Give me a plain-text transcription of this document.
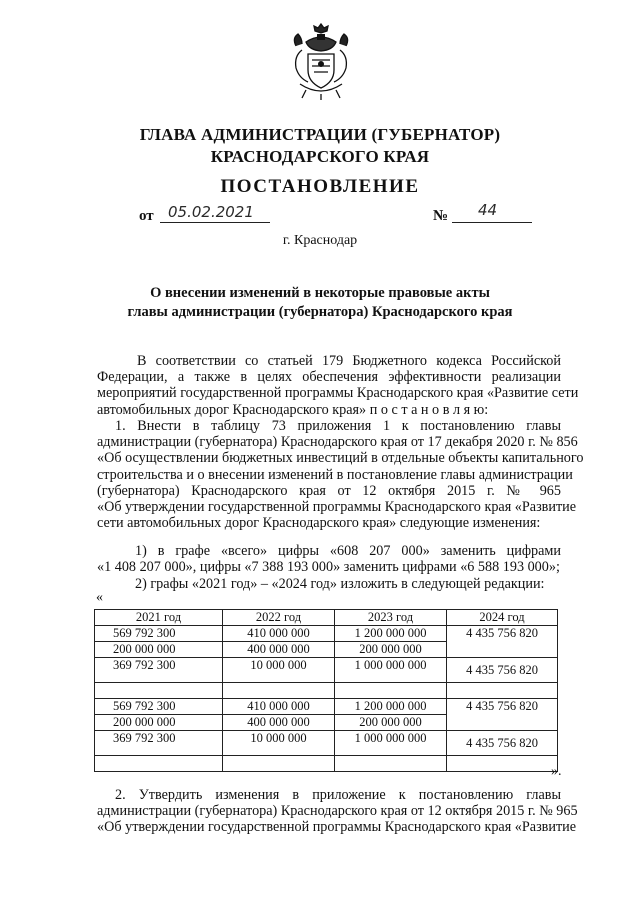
ГЛАВА АДМИНИСТРАЦИИ (ГУБЕРНАТОР)
КРАСНОДАРСКОГО КРАЯ
ПОСТАНОВЛЕНИЕ
от 05.02.2021	№ 44
г. Краснодар
О внесении изменений в некоторые правовые акты
главы администрации (губернатора) Краснодарского края
В соответствии со статьей 179 Бюджетного кодекса Российской
Федерации, а также в целях обеспечения эффективности реализации
мероприятий государственной программы Краснодарского края «Развитие сети
автомобильных дорог Краснодарского края» п о с т а н о в л я ю:
1. Внести в таблицу 73 приложения 1 к постановлению главы
администрации (губернатора) Краснодарского края от 17 декабря 2020 г. № 856
«Об осуществлении бюджетных инвестиций в отдельные объекты капитального
строительства и о внесении изменений в постановление главы администрации
(губернатора) Краснодарского края от 12 октября 2015 г. № 965
«Об утверждении государственной программы Краснодарского края «Развитие
сети автомобильных дорог Краснодарского края» следующие изменения:
1) в графе «всего» цифры «608 207 000» заменить цифрами
«1 408 207 000», цифры «7 388 193 000» заменить цифрами «6 588 193 000»;
2) графы «2021 год» – «2024 год» изложить в следующей редакции:
«
2021 год	2022 год	2023 год	2024 год
569 792 300	410 000 000	1 200 000 000	4 435 756 820
200 000 000	400 000 000	200 000 000	
369 792 300	10 000 000	1 000 000 000	4 435 756 820

569 792 300	410 000 000	1 200 000 000	4 435 756 820
200 000 000	400 000 000	200 000 000	
369 792 300	10 000 000	1 000 000 000	4 435 756 820

».
2. Утвердить изменения в приложение к постановлению главы
администрации (губернатора) Краснодарского края от 12 октября 2015 г. № 965
«Об утверждении государственной программы Краснодарского края «Развитие
